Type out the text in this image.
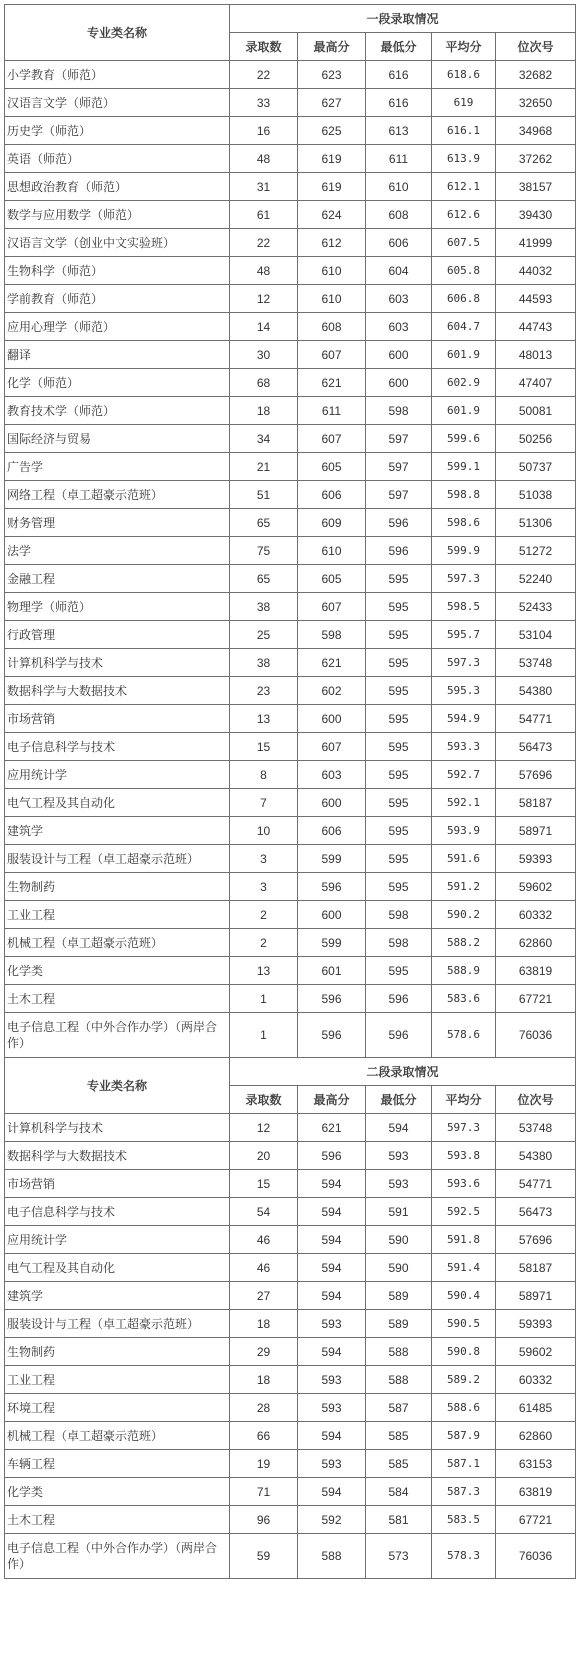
专业类名称	一段录取情况				
	录取数	最高分	最低分	平均分	位次号
小学教育（师范）	22	623	616	618.6	32682
汉语言文学（师范）	33	627	616	619	32650
历史学（师范）	16	625	613	616.1	34968
英语（师范）	48	619	611	613.9	37262
思想政治教育（师范）	31	619	610	612.1	38157
数学与应用数学（师范）	61	624	608	612.6	39430
汉语言文学（创业中文实验班）	22	612	606	607.5	41999
生物科学（师范）	48	610	604	605.8	44032
学前教育（师范）	12	610	603	606.8	44593
应用心理学（师范）	14	608	603	604.7	44743
翻译	30	607	600	601.9	48013
化学（师范）	68	621	600	602.9	47407
教育技术学（师范）	18	611	598	601.9	50081
国际经济与贸易	34	607	597	599.6	50256
广告学	21	605	597	599.1	50737
网络工程（卓工超豪示范班）	51	606	597	598.8	51038
财务管理	65	609	596	598.6	51306
法学	75	610	596	599.9	51272
金融工程	65	605	595	597.3	52240
物理学（师范）	38	607	595	598.5	52433
行政管理	25	598	595	595.7	53104
计算机科学与技术	38	621	595	597.3	53748
数据科学与大数据技术	23	602	595	595.3	54380
市场营销	13	600	595	594.9	54771
电子信息科学与技术	15	607	595	593.3	56473
应用统计学	8	603	595	592.7	57696
电气工程及其自动化	7	600	595	592.1	58187
建筑学	10	606	595	593.9	58971
服装设计与工程（卓工超豪示范班）	3	599	595	591.6	59393
生物制药	3	596	595	591.2	59602
工业工程	2	600	598	590.2	60332
机械工程（卓工超豪示范班）	2	599	598	588.2	62860
化学类	13	601	595	588.9	63819
土木工程	1	596	596	583.6	67721
电子信息工程（中外合作办学）（两岸合作）	1	596	596	578.6	76036
专业类名称	二段录取情况				
	录取数	最高分	最低分	平均分	位次号
计算机科学与技术	12	621	594	597.3	53748
数据科学与大数据技术	20	596	593	593.8	54380
市场营销	15	594	593	593.6	54771
电子信息科学与技术	54	594	591	592.5	56473
应用统计学	46	594	590	591.8	57696
电气工程及其自动化	46	594	590	591.4	58187
建筑学	27	594	589	590.4	58971
服装设计与工程（卓工超豪示范班）	18	593	589	590.5	59393
生物制药	29	594	588	590.8	59602
工业工程	18	593	588	589.2	60332
环境工程	28	593	587	588.6	61485
机械工程（卓工超豪示范班）	66	594	585	587.9	62860
车辆工程	19	593	585	587.1	63153
化学类	71	594	584	587.3	63819
土木工程	96	592	581	583.5	67721
电子信息工程（中外合作办学）（两岸合作）	59	588	573	578.3	76036
